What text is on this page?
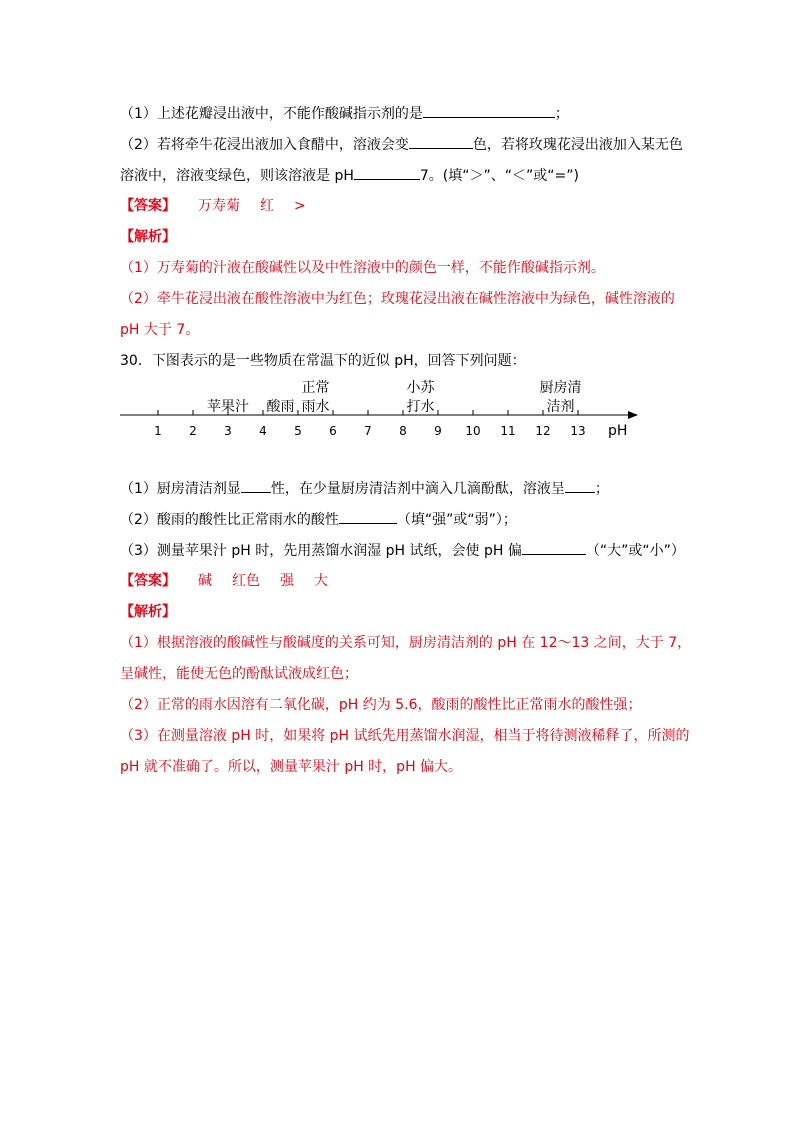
（1）上述花瓣浸出液中，不能作酸碱指示剂的是	；
（2）若将牵牛花浸出液加入食醋中，溶液会变	色，若将玫瑰花浸出液加入某无色
溶液中，溶液变绿色，则该溶液是 pH	7。(填“＞”、“＜”或“=”)
【答案】 万寿菊 红 >
【解析】
（1）万寿菊的汁液在酸碱性以及中性溶液中的颜色一样，不能作酸碱指示剂。
（2）牵牛花浸出液在酸性溶液中为红色；玫瑰花浸出液在碱性溶液中为绿色，碱性溶液的
pH 大于 7。
30．下图表示的是一些物质在常温下的近似 pH，回答下列问题：
1 2 3 4 5 6 7 8 9 10 11 12 13
苹果汁 酸雨
正常
雨水
小苏
打水
厨房清
洁剂
pH
（1）厨房清洁剂显 性，在少量厨房清洁剂中滴入几滴酚酞，溶液呈 ；
（2）酸雨的酸性比正常雨水的酸性	（填“强”或“弱”）；
（3）测量苹果汁 pH 时，先用蒸馏水润湿 pH 试纸，会使 pH 偏	（“大”或“小”）
【答案】 碱 红色 强 大
【解析】
（1）根据溶液的酸碱性与酸碱度的关系可知，厨房清洁剂的 pH 在 12～13 之间，大于 7，
呈碱性，能使无色的酚酞试液成红色；
（2）正常的雨水因溶有二氧化碳，pH 约为 5.6，酸雨的酸性比正常雨水的酸性强；
（3）在测量溶液 pH 时，如果将 pH 试纸先用蒸馏水润湿，相当于将待测液稀释了，所测的
pH 就不准确了。所以，测量苹果汁 pH 时，pH 偏大。
